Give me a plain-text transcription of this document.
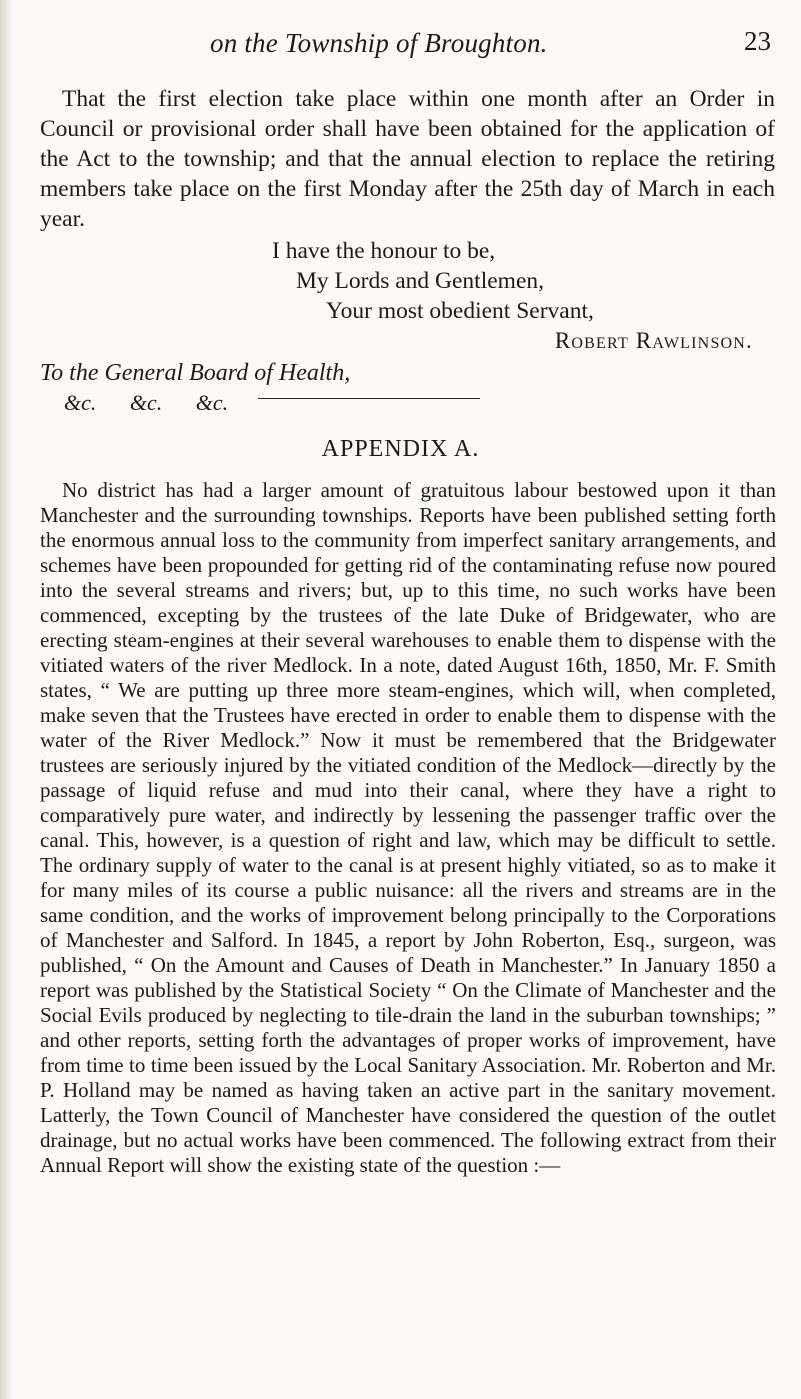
on the Township of Broughton.	23

That the first election take place within one month after an Order in Council or provisional order shall have been obtained for the application of the Act to the township; and that the annual election to replace the retiring members take place on the first Monday after the 25th day of March in each year.

I have the honour to be,
My Lords and Gentlemen,
Your most obedient Servant,
Robert Rawlinson.
To the General Board of Health,
&c. &c. &c.
APPENDIX A.

No district has had a larger amount of gratuitous labour bestowed upon it than Manchester and the surrounding townships. Reports have been published setting forth the enormous annual loss to the community from imperfect sanitary arrangements, and schemes have been propounded for getting rid of the contaminating refuse now poured into the several streams and rivers; but, up to this time, no such works have been commenced, excepting by the trustees of the late Duke of Bridgewater, who are erecting steam-engines at their several warehouses to enable them to dispense with the vitiated waters of the river Medlock. In a note, dated August 16th, 1850, Mr. F. Smith states, “ We are putting up three more steam-engines, which will, when completed, make seven that the Trustees have erected in order to enable them to dispense with the water of the River Medlock.” Now it must be remembered that the Bridgewater trustees are seriously injured by the vitiated condition of the Medlock—directly by the passage of liquid refuse and mud into their canal, where they have a right to comparatively pure water, and indirectly by lessening the passenger traffic over the canal. This, however, is a question of right and law, which may be difficult to settle. The ordinary supply of water to the canal is at present highly vitiated, so as to make it for many miles of its course a public nuisance: all the rivers and streams are in the same condition, and the works of improvement belong principally to the Corporations of Manchester and Salford. In 1845, a report by John Roberton, Esq., surgeon, was published, “ On the Amount and Causes of Death in Manchester.” In January 1850 a report was published by the Statistical Society “ On the Climate of Manchester and the Social Evils produced by neglecting to tile-drain the land in the suburban townships; ” and other reports, setting forth the advantages of proper works of improvement, have from time to time been issued by the Local Sanitary Association. Mr. Roberton and Mr. P. Holland may be named as having taken an active part in the sanitary movement. Latterly, the Town Council of Manchester have considered the question of the outlet drainage, but no actual works have been commenced. The following extract from their Annual Report will show the existing state of the question :—
